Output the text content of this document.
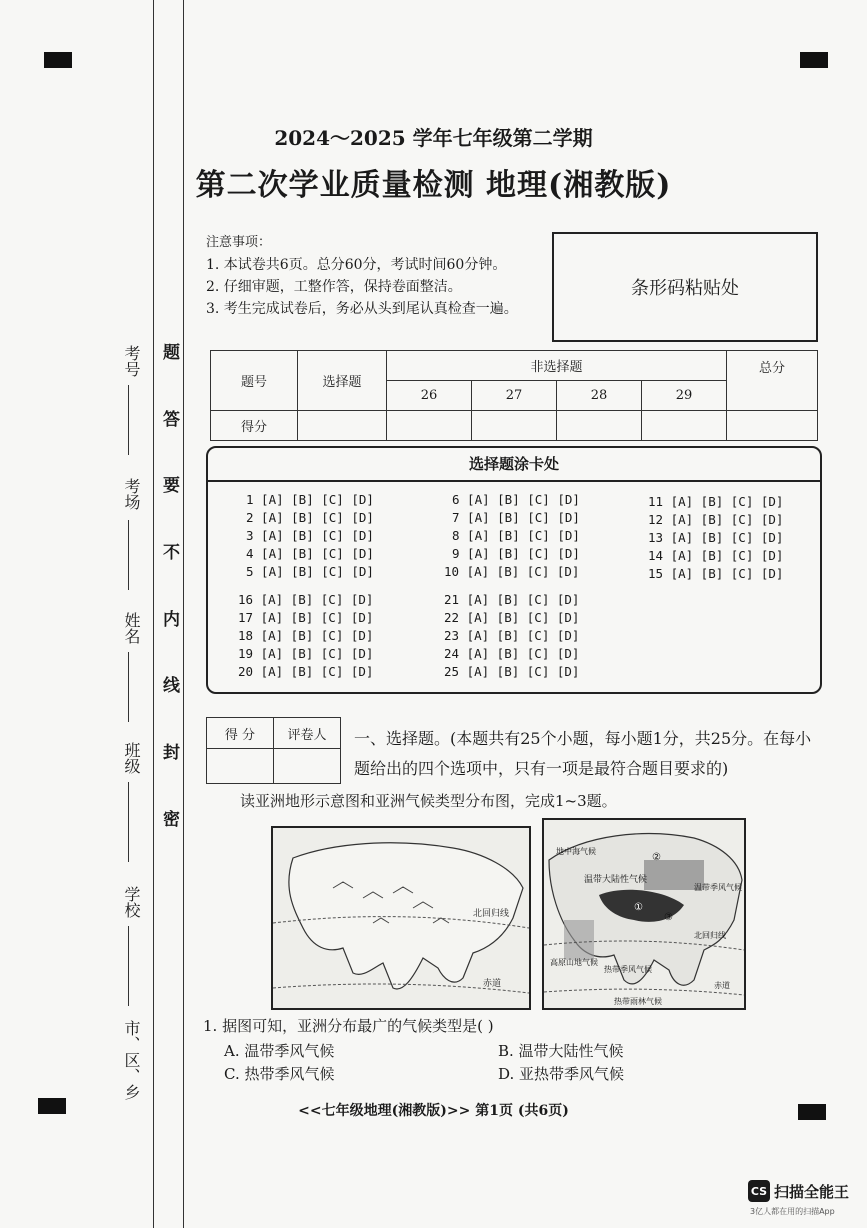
题
答
要
不
内
线
封
密
考号
考场
姓名
班级
学校
市、区、乡
2024～2025 学年七年级第二学期
第二次学业质量检测 地理(湘教版)
注意事项：
1. 本试卷共6页。总分60分，考试时间60分钟。
2. 仔细审题，工整作答，保持卷面整洁。
3. 考生完成试卷后，务必从头到尾认真检查一遍。
条形码粘贴处
题号	选择题	非选择题				总分
		26	27	28	29	
得分						
选择题涂卡处
1 [A] [B] [C] [D]
2 [A] [B] [C] [D]
3 [A] [B] [C] [D]
4 [A] [B] [C] [D]
5 [A] [B] [C] [D]
16 [A] [B] [C] [D]
17 [A] [B] [C] [D]
18 [A] [B] [C] [D]
19 [A] [B] [C] [D]
20 [A] [B] [C] [D]
6 [A] [B] [C] [D]
7 [A] [B] [C] [D]
8 [A] [B] [C] [D]
9 [A] [B] [C] [D]
10 [A] [B] [C] [D]
21 [A] [B] [C] [D]
22 [A] [B] [C] [D]
23 [A] [B] [C] [D]
24 [A] [B] [C] [D]
25 [A] [B] [C] [D]
11 [A] [B] [C] [D]
12 [A] [B] [C] [D]
13 [A] [B] [C] [D]
14 [A] [B] [C] [D]
15 [A] [B] [C] [D]
得 分	评卷人
	一、选择题。(本题共有25个小题，每小题1分，共25分。在每小题给出的四个选项中，只有一项是最符合题目要求的)
读亚洲地形示意图和亚洲气候类型分布图，完成1~3题。
北回归线
赤道
地中海气候
温带大陆性气候
温带季风气候
北回归线
高原山地气候
热带季风气候
热带雨林气候
赤道
②
①
③
1. 据图可知，亚洲分布最广的气候类型是( )
A. 温带季风气候	B. 温带大陆性气候
C. 热带季风气候	D. 亚热带季风气候
<<七年级地理(湘教版)>> 第1页 (共6页)
CS 扫描全能王
3亿人都在用的扫描App
